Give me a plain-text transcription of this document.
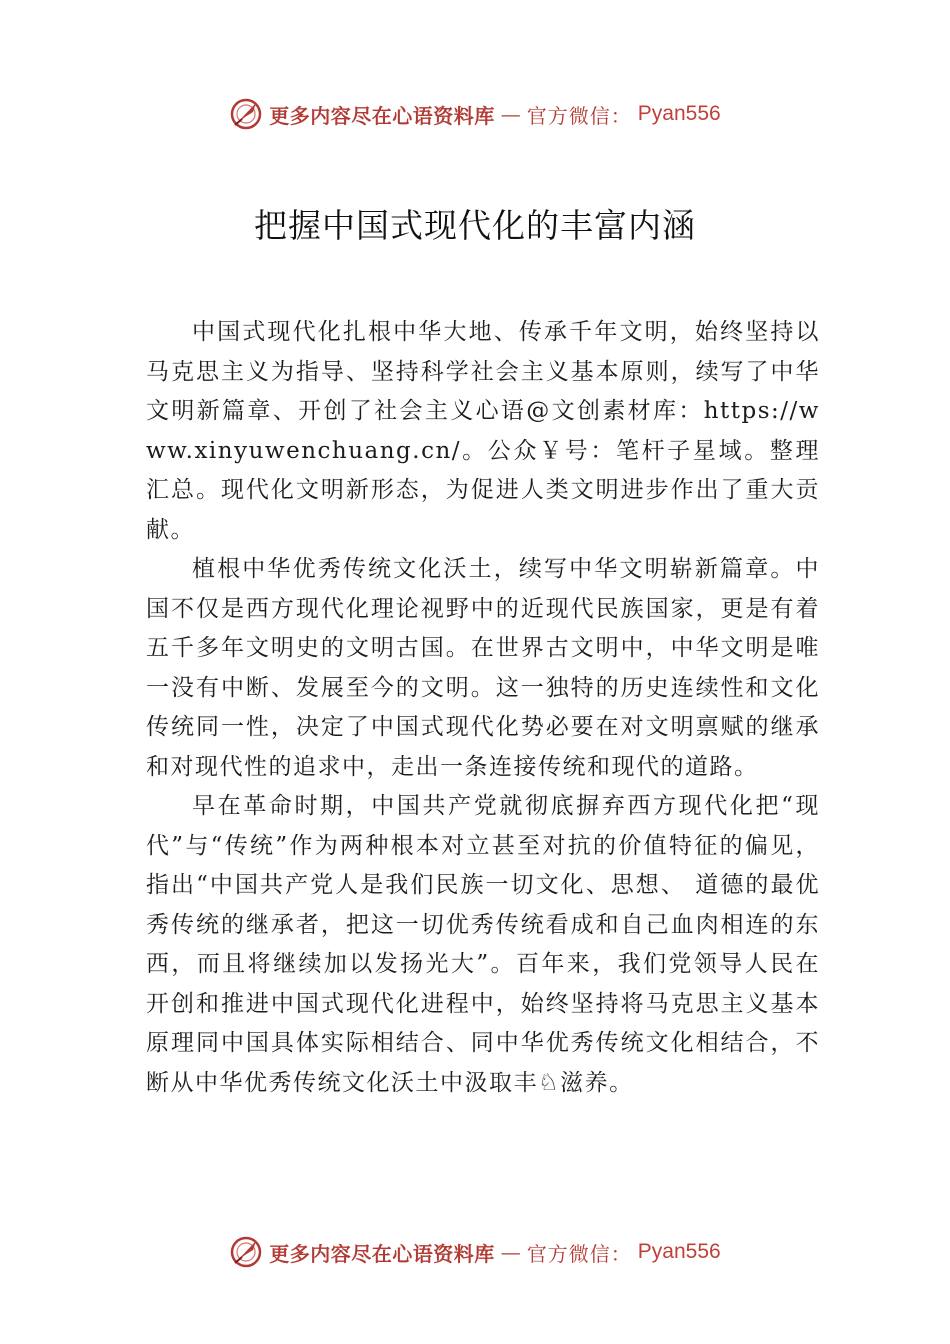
更多内容尽在心语资料库 — 官方微信： Pyan556
把握中国式现代化的丰富内涵

中国式现代化扎根中华大地、传承千年文明，始终坚持以马克思主义为指导、坚持科学社会主义基本原则，续写了中华文明新篇章、开创了社会主义心语@文创素材库：https://www.xinyuwenchuang.cn/。公众￥号：笔杆子星域。整理汇总。现代化文明新形态，为促进人类文明进步作出了重大贡献。

植根中华优秀传统文化沃土，续写中华文明崭新篇章。中国不仅是西方现代化理论视野中的近现代民族国家，更是有着五千多年文明史的文明古国。在世界古文明中，中华文明是唯一没有中断、发展至今的文明。这一独特的历史连续性和文化传统同一性，决定了中国式现代化势必要在对文明禀赋的继承和对现代性的追求中，走出一条连接传统和现代的道路。

早在革命时期，中国共产党就彻底摒弃西方现代化把“现代”与“传统”作为两种根本对立甚至对抗的价值特征的偏见，指出“中国共产党人是我们民族一切文化、思想、 道德的最优秀传统的继承者，把这一切优秀传统看成和自己血肉相连的东西，而且将继续加以发扬光大”。百年来，我们党领导人民在开创和推进中国式现代化进程中，始终坚持将马克思主义基本原理同中国具体实际相结合、同中华优秀传统文化相结合，不断从中华优秀传统文化沃土中汲取丰♘滋养。

更多内容尽在心语资料库 — 官方微信： Pyan556
